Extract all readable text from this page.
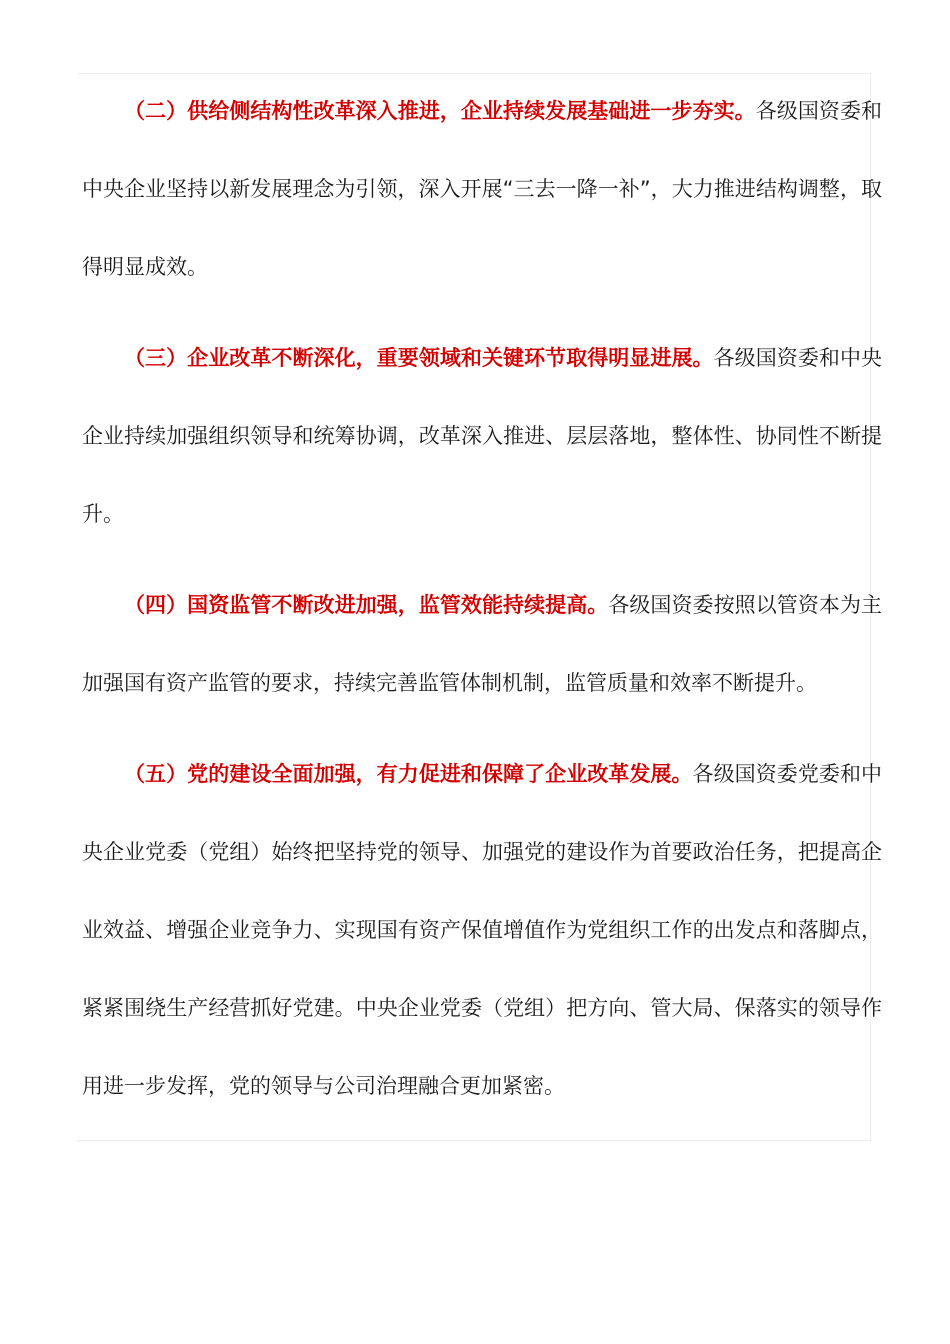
（二）供给侧结构性改革深入推进，企业持续发展基础进一步夯实。各级国资委和中央企业坚持以新发展理念为引领，深入开展“三去一降一补”，大力推进结构调整，取得明显成效。

（三）企业改革不断深化，重要领域和关键环节取得明显进展。各级国资委和中央企业持续加强组织领导和统筹协调，改革深入推进、层层落地，整体性、协同性不断提升。

（四）国资监管不断改进加强，监管效能持续提高。各级国资委按照以管资本为主加强国有资产监管的要求，持续完善监管体制机制，监管质量和效率不断提升。

（五）党的建设全面加强，有力促进和保障了企业改革发展。各级国资委党委和中央企业党委（党组）始终把坚持党的领导、加强党的建设作为首要政治任务，把提高企业效益、增强企业竞争力、实现国有资产保值增值作为党组织工作的出发点和落脚点，紧紧围绕生产经营抓好党建。中央企业党委（党组）把方向、管大局、保落实的领导作用进一步发挥，党的领导与公司治理融合更加紧密。
